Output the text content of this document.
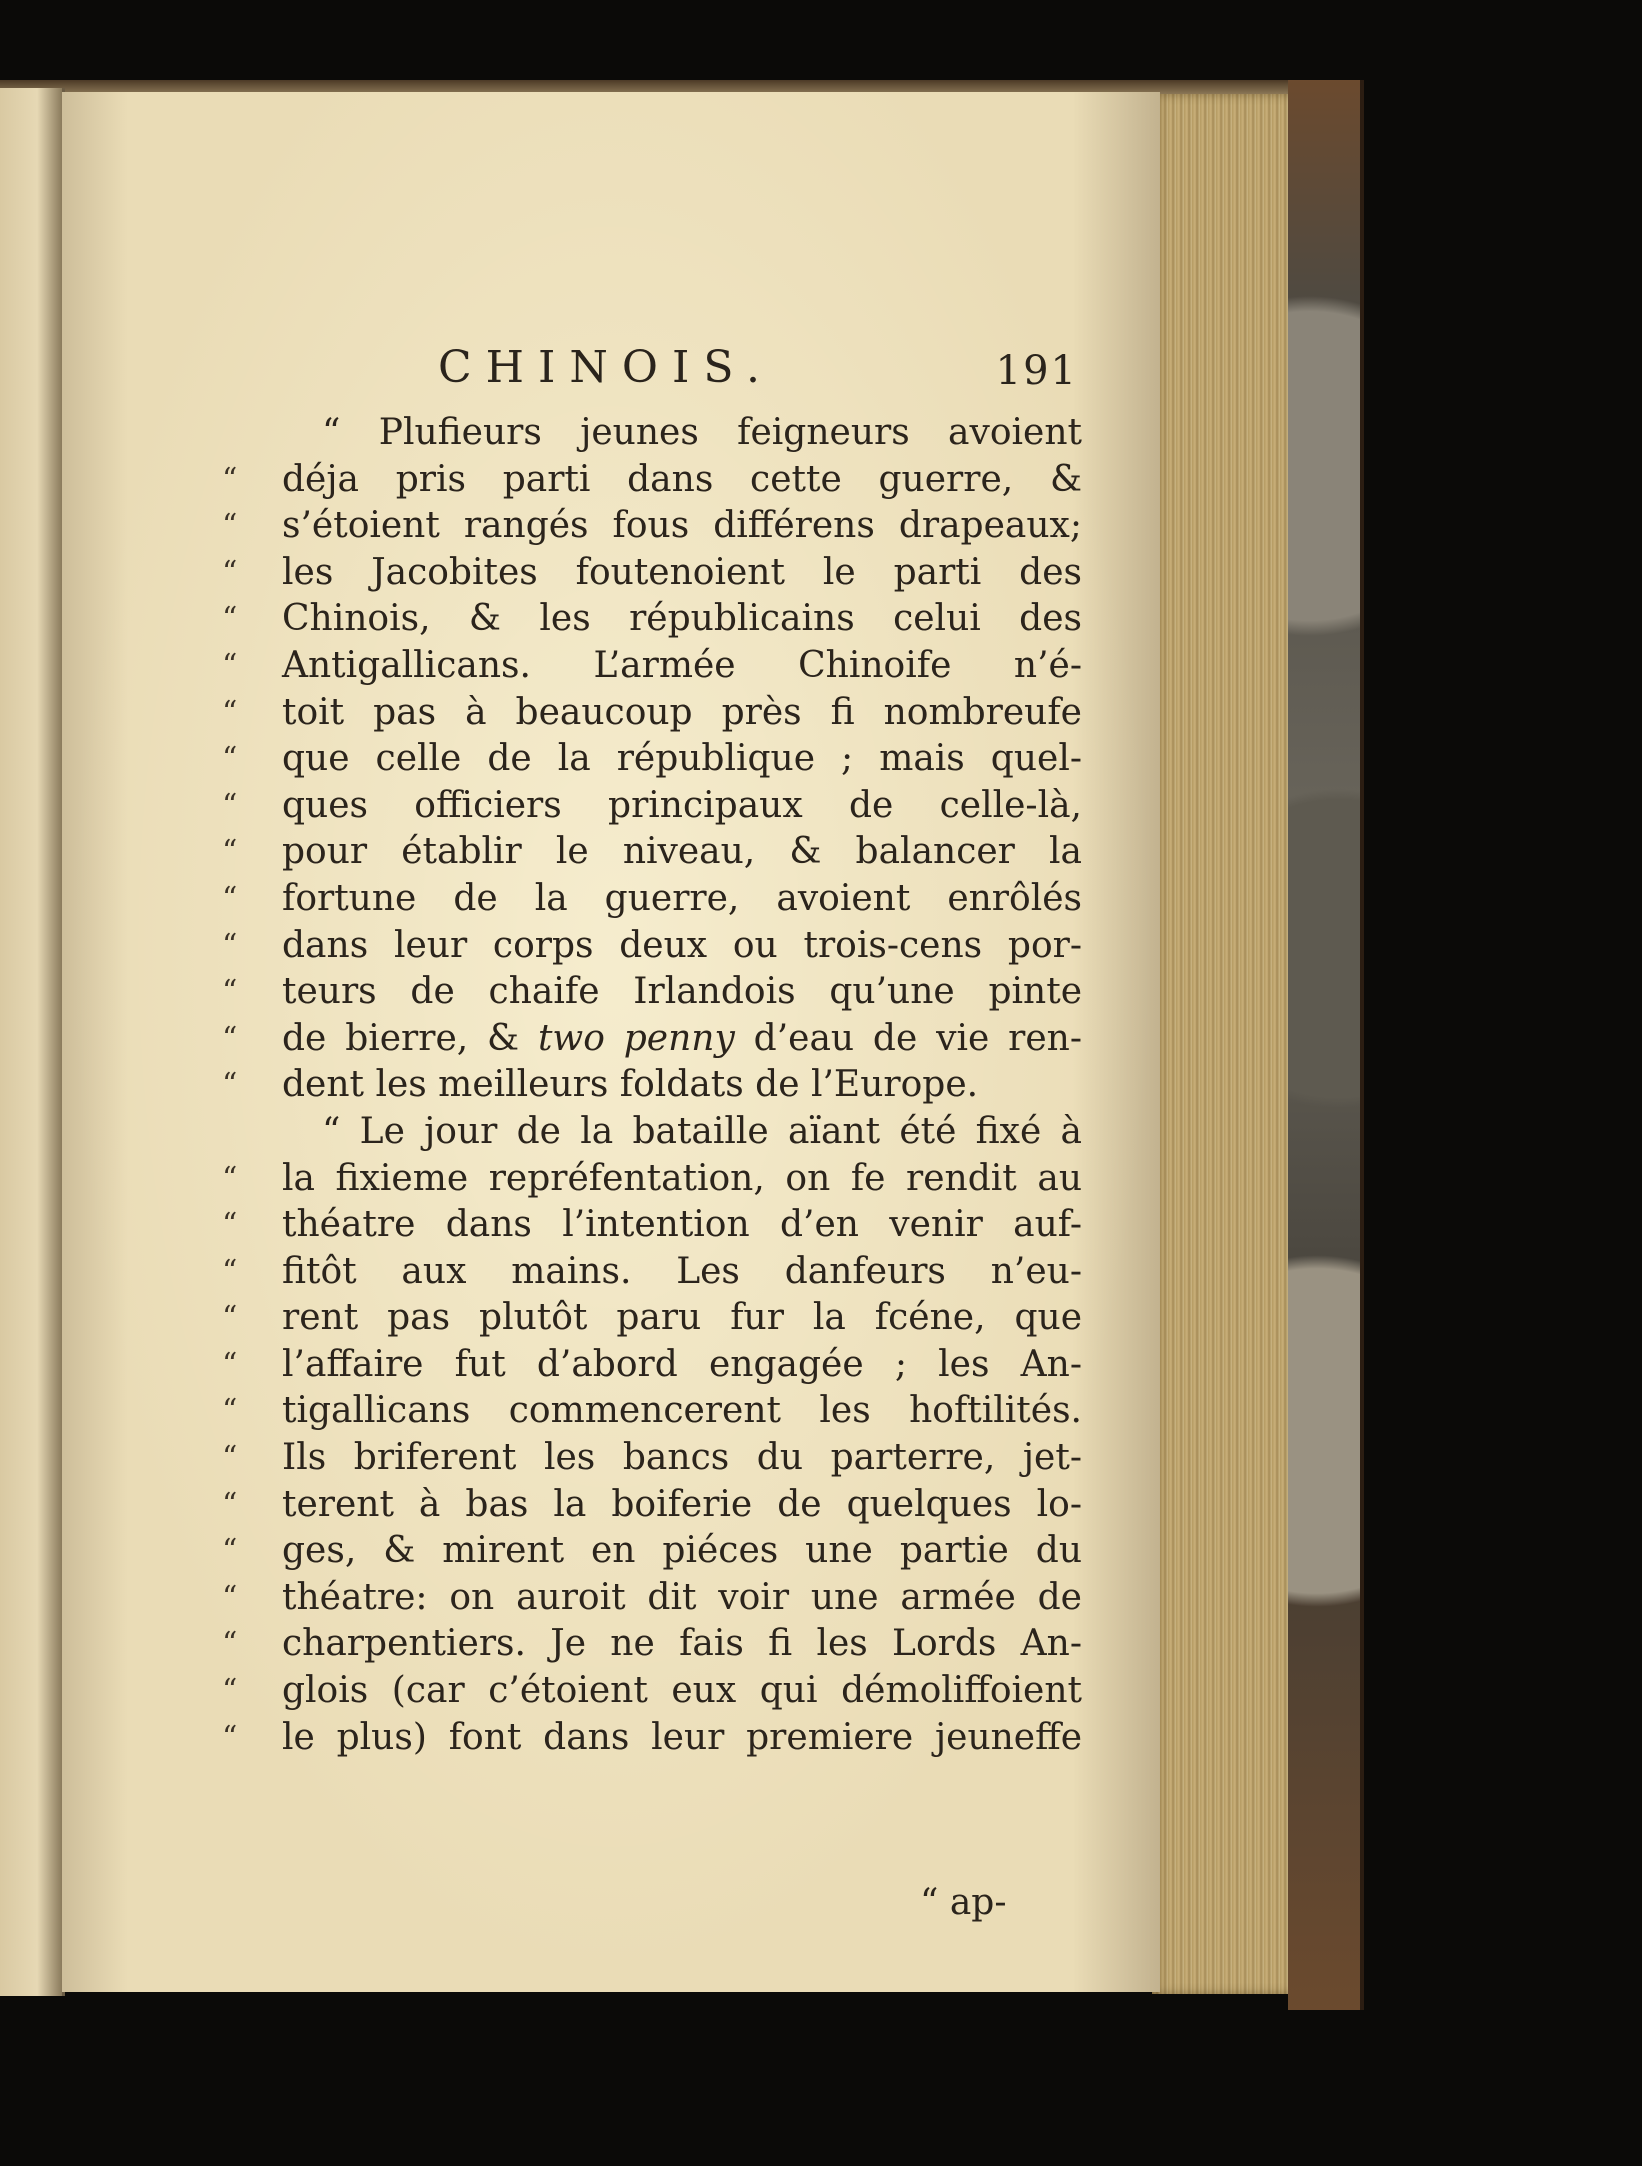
CHINOIS.	191
“ Plufieurs jeunes feigneurs avoient
“	déja pris parti dans cette guerre, &
“	s’étoient rangés fous différens drapeaux;
“	les Jacobites foutenoient le parti des
“	Chinois, & les républicains celui des
“	Antigallicans. L’armée Chinoife n’é-
“	toit pas à beaucoup près fi nombreufe
“	que celle de la république ; mais quel-
“	ques officiers principaux de celle-là,
“	pour établir le niveau, & balancer la
“	fortune de la guerre, avoient enrôlés
“	dans leur corps deux ou trois-cens por-
“	teurs de chaife Irlandois qu’une pinte
“	de bierre, & two penny d’eau de vie ren-
“	dent les meilleurs foldats de l’Europe.
“ Le jour de la bataille aïant été fixé à
“	la fixieme repréfentation, on fe rendit au
“	théatre dans l’intention d’en venir auf-
“	fitôt aux mains. Les danfeurs n’eu-
“	rent pas plutôt paru fur la fcéne, que
“	l’affaire fut d’abord engagée ; les An-
“	tigallicans commencerent les hoftilités.
“	Ils briferent les bancs du parterre, jet-
“	terent à bas la boiferie de quelques lo-
“	ges, & mirent en piéces une partie du
“	théatre: on auroit dit voir une armée de
“	charpentiers. Je ne fais fi les Lords An-
“	glois (car c’étoient eux qui démoliffoient
“	le plus) font dans leur premiere jeuneffe
“ ap-
